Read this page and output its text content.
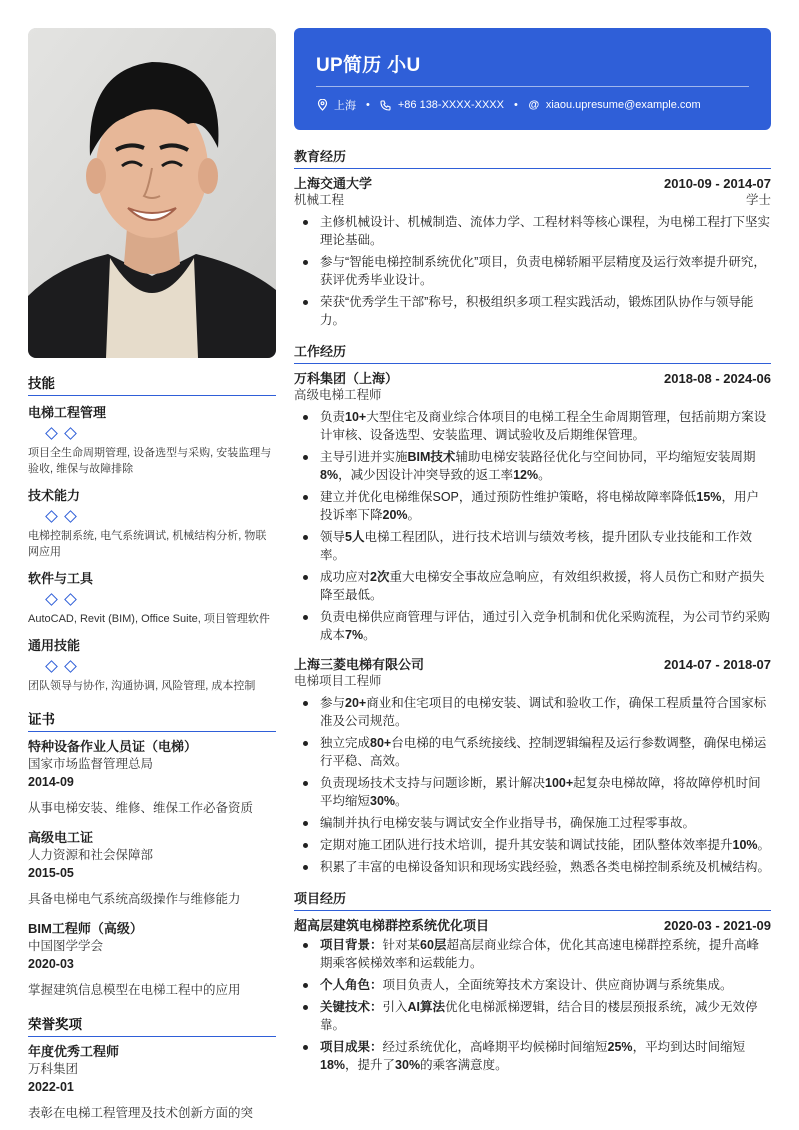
技能
电梯工程管理
项目全生命周期管理, 设备选型与采购, 安装监理与验收, 维保与故障排除
技术能力
电梯控制系统, 电气系统调试, 机械结构分析, 物联网应用
软件与工具
AutoCAD, Revit (BIM), Office Suite, 项目管理软件
通用技能
团队领导与协作, 沟通协调, 风险管理, 成本控制
证书
特种设备作业人员证（电梯）
国家市场监督管理总局
2014-09
从事电梯安装、维修、维保工作必备资质
高级电工证
人力资源和社会保障部
2015-05
具备电梯电气系统高级操作与维修能力
BIM工程师（高级）
中国图学学会
2020-03
掌握建筑信息模型在电梯工程中的应用
荣誉奖项
年度优秀工程师
万科集团
2022-01
表彰在电梯工程管理及技术创新方面的突
UP简历 小U
上海 •	+86 138-XXXX-XXXX • @ xiaou.upresume@example.com
教育经历
上海交通大学	2010-09 - 2014-07
机械工程	学士
主修机械设计、机械制造、流体力学、工程材料等核心课程，为电梯工程打下坚实理论基础。
参与“智能电梯控制系统优化”项目，负责电梯轿厢平层精度及运行效率提升研究，获评优秀毕业设计。
荣获“优秀学生干部”称号，积极组织多项工程实践活动，锻炼团队协作与领导能力。
工作经历
万科集团（上海）	2018-08 - 2024-06
高级电梯工程师
负责10+大型住宅及商业综合体项目的电梯工程全生命周期管理，包括前期方案设计审核、设备选型、安装监理、调试验收及后期维保管理。
主导引进并实施BIM技术辅助电梯安装路径优化与空间协同，平均缩短安装周期8%，减少因设计冲突导致的返工率12%。
建立并优化电梯维保SOP，通过预防性维护策略，将电梯故障率降低15%，用户投诉率下降20%。
领导5人电梯工程团队，进行技术培训与绩效考核，提升团队专业技能和工作效率。
成功应对2次重大电梯安全事故应急响应，有效组织救援，将人员伤亡和财产损失降至最低。
负责电梯供应商管理与评估，通过引入竞争机制和优化采购流程，为公司节约采购成本7%。
上海三菱电梯有限公司	2014-07 - 2018-07
电梯项目工程师
参与20+商业和住宅项目的电梯安装、调试和验收工作，确保工程质量符合国家标准及公司规范。
独立完成80+台电梯的电气系统接线、控制逻辑编程及运行参数调整，确保电梯运行平稳、高效。
负责现场技术支持与问题诊断，累计解决100+起复杂电梯故障，将故障停机时间平均缩短30%。
编制并执行电梯安装与调试安全作业指导书，确保施工过程零事故。
定期对施工团队进行技术培训，提升其安装和调试技能，团队整体效率提升10%。
积累了丰富的电梯设备知识和现场实践经验，熟悉各类电梯控制系统及机械结构。
项目经历
超高层建筑电梯群控系统优化项目	2020-03 - 2021-09
项目背景：针对某60层超高层商业综合体，优化其高速电梯群控系统，提升高峰期乘客候梯效率和运载能力。
个人角色：项目负责人，全面统筹技术方案设计、供应商协调与系统集成。
关键技术：引入AI算法优化电梯派梯逻辑，结合目的楼层预报系统，减少无效停靠。
项目成果：经过系统优化，高峰期平均候梯时间缩短25%，平均到达时间缩短18%，提升了30%的乘客满意度。
